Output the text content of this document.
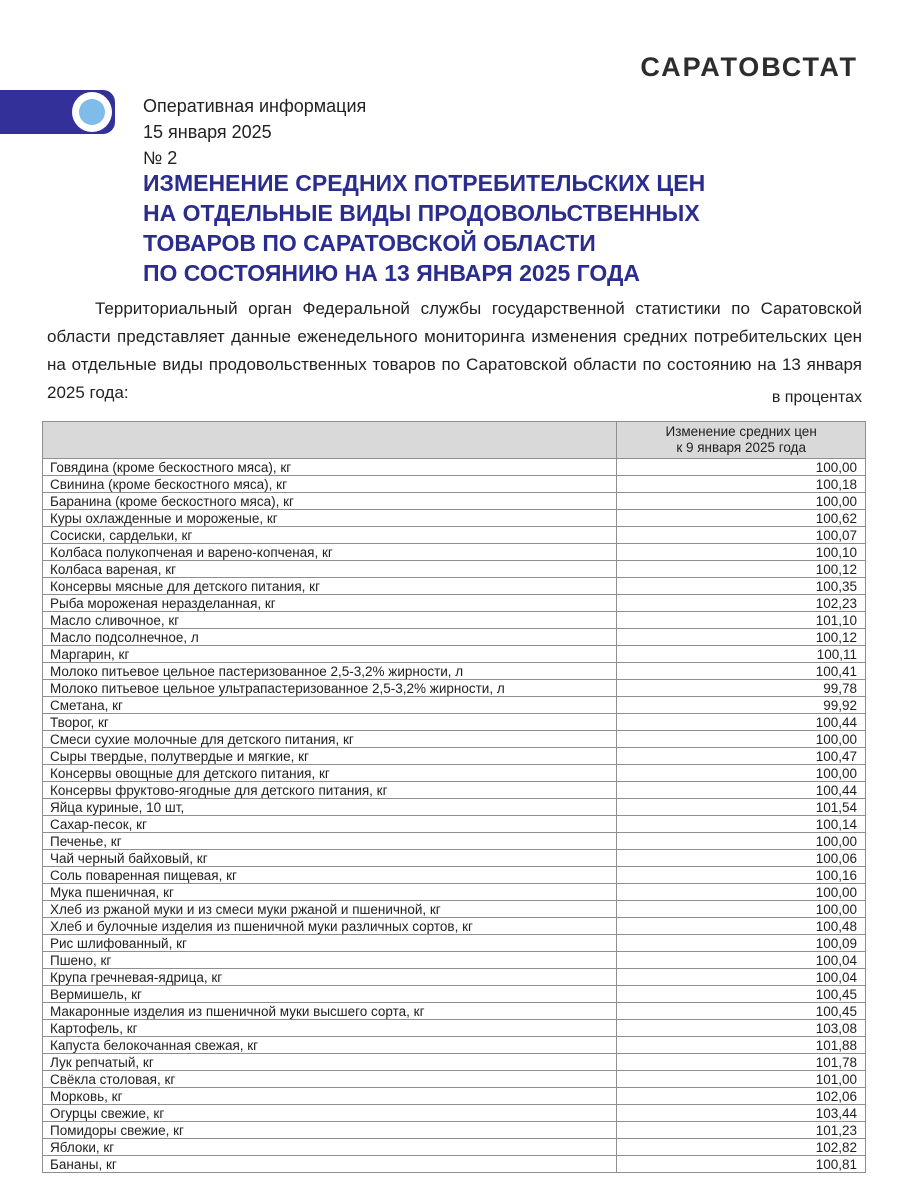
САРАТОВСТАТ
Оперативная информация
15 января 2025
№ 2
ИЗМЕНЕНИЕ СРЕДНИХ ПОТРЕБИТЕЛЬСКИХ ЦЕН
НА ОТДЕЛЬНЫЕ ВИДЫ ПРОДОВОЛЬСТВЕННЫХ
ТОВАРОВ ПО САРАТОВСКОЙ ОБЛАСТИ
ПО СОСТОЯНИЮ НА 13 ЯНВАРЯ 2025 ГОДА
Территориальный орган Федеральной службы государственной статистики по Саратовской области представляет данные еженедельного мониторинга изменения средних потребительских цен на отдельные виды продовольственных товаров по Саратовской области по состоянию на 13 января 2025 года:	в процентах

	Изменение средних цен
к 9 января 2025 года

Говядина (кроме бескостного мяса), кг	100,00
Свинина (кроме бескостного мяса), кг	100,18
Баранина (кроме бескостного мяса), кг	100,00
Куры охлажденные и мороженые, кг	100,62
Сосиски, сардельки, кг	100,07
Колбаса полукопченая и варено-копченая, кг	100,10
Колбаса вареная, кг	100,12
Консервы мясные для детского питания, кг	100,35
Рыба мороженая неразделанная, кг	102,23
Масло сливочное, кг	101,10
Масло подсолнечное, л	100,12
Маргарин, кг	100,11
Молоко питьевое цельное пастеризованное 2,5-3,2% жирности, л	100,41
Молоко питьевое цельное ультрапастеризованное 2,5-3,2% жирности, л	99,78
Сметана, кг	99,92
Творог, кг	100,44
Смеси сухие молочные для детского питания, кг	100,00
Сыры твердые, полутвердые и мягкие, кг	100,47
Консервы овощные для детского питания, кг	100,00
Консервы фруктово-ягодные для детского питания, кг	100,44
Яйца куриные, 10 шт,	101,54
Сахар-песок, кг	100,14
Печенье, кг	100,00
Чай черный байховый, кг	100,06
Соль поваренная пищевая, кг	100,16
Мука пшеничная, кг	100,00
Хлеб из ржаной муки и из смеси муки ржаной и пшеничной, кг	100,00
Хлеб и булочные изделия из пшеничной муки различных сортов, кг	100,48
Рис шлифованный, кг	100,09
Пшено, кг	100,04
Крупа гречневая-ядрица, кг	100,04
Вермишель, кг	100,45
Макаронные изделия из пшеничной муки высшего сорта, кг	100,45
Картофель, кг	103,08
Капуста белокочанная свежая, кг	101,88
Лук репчатый, кг	101,78
Свёкла столовая, кг	101,00
Морковь, кг	102,06
Огурцы свежие, кг	103,44
Помидоры свежие, кг	101,23
Яблоки, кг	102,82
Бананы, кг	100,81
